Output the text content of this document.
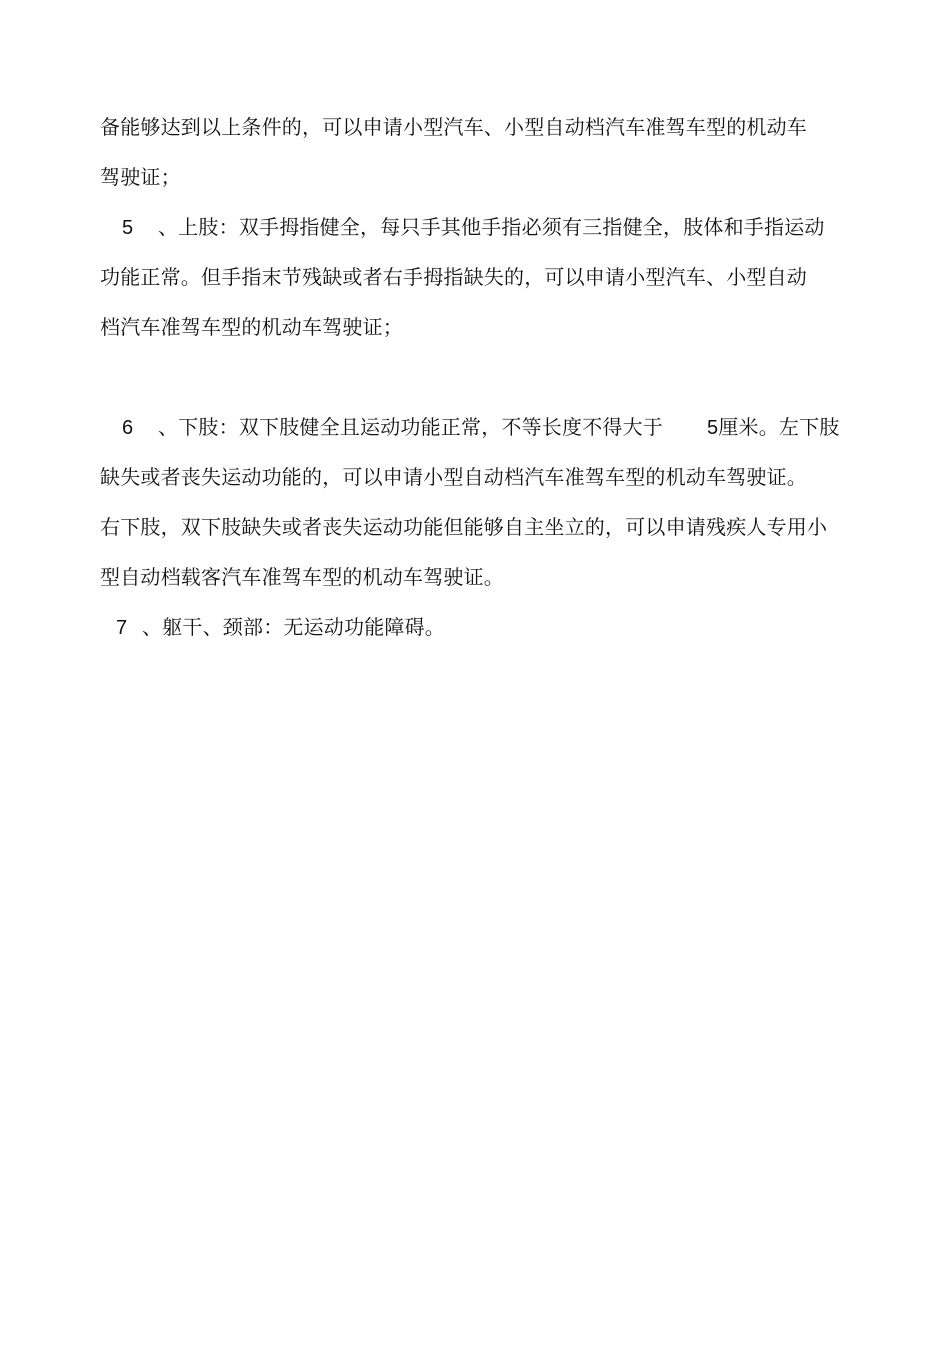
备能够达到以上条件的，可以申请小型汽车、小型自动档汽车准驾车型的机动车
驾驶证；
5 、上肢：双手拇指健全，每只手其他手指必须有三指健全，肢体和手指运动
功能正常。但手指末节残缺或者右手拇指缺失的，可以申请小型汽车、小型自动
档汽车准驾车型的机动车驾驶证；
6 、下肢：双下肢健全且运动功能正常，不等长度不得大于 5厘米。左下肢
缺失或者丧失运动功能的，可以申请小型自动档汽车准驾车型的机动车驾驶证。
右下肢，双下肢缺失或者丧失运动功能但能够自主坐立的，可以申请残疾人专用小
型自动档载客汽车准驾车型的机动车驾驶证。
7 、躯干、颈部：无运动功能障碍。
